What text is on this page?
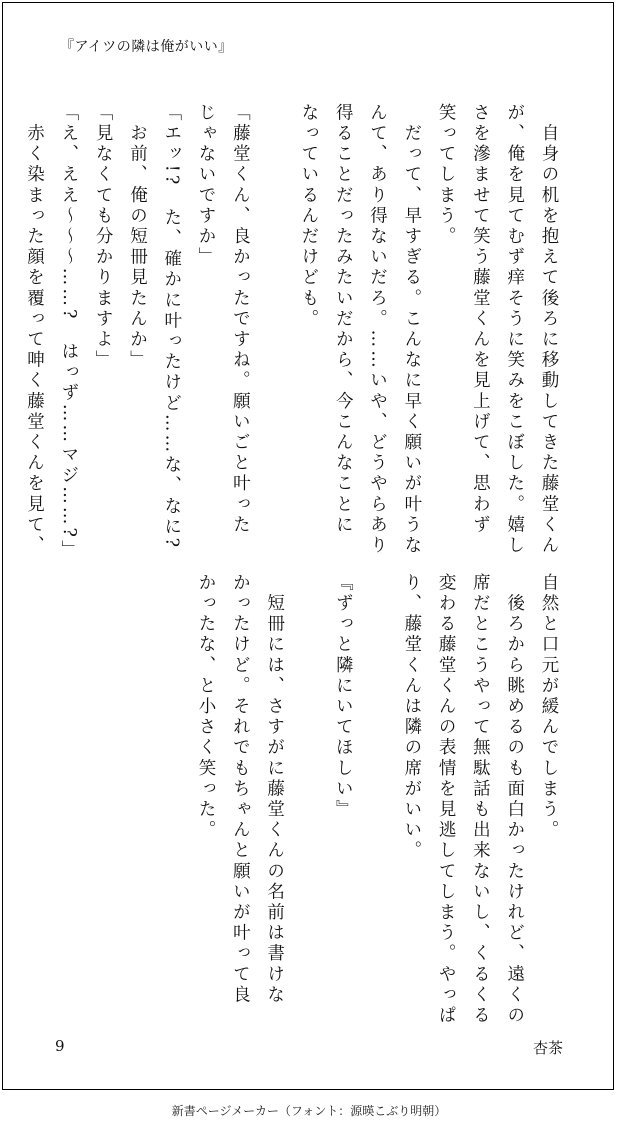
『アイツの隣は俺がいい』

　自身の机を抱えて後ろに移動してきた藤堂くん

が、俺を見てむず痒そうに笑みをこぼした。嬉し

さを滲ませて笑う藤堂くんを見上げて、思わず

笑ってしまう。

　だって、早すぎる。こんなに早く願いが叶うな

んて、あり得ないだろ。……いや、どうやらあり

得ることだったみたいだから、今こんなことに

なっているんだけども。

「藤堂くん、良かったですね。願いごと叶った

じゃないですか」

「エッ!?　た、確かに叶ったけど……な、なに?

　お前、俺の短冊見たんか」

「見なくても分かりますよ」

「え、ええ〜〜〜……?　はっず……マジ……?」

　赤く染まった顔を覆って呻く藤堂くんを見て、

自然と口元が緩んでしまう。

　後ろから眺めるのも面白かったけれど、遠くの

席だとこうやって無駄話も出来ないし、くるくる

変わる藤堂くんの表情を見逃してしまう。やっぱ

り、藤堂くんは隣の席がいい。

『ずっと隣にいてほしい』

　短冊には、さすがに藤堂くんの名前は書けな

かったけど。それでもちゃんと願いが叶って良

かったな、と小さく笑った。

9	杏茶
新書ページメーカー（フォント：源暎こぶり明朝）
